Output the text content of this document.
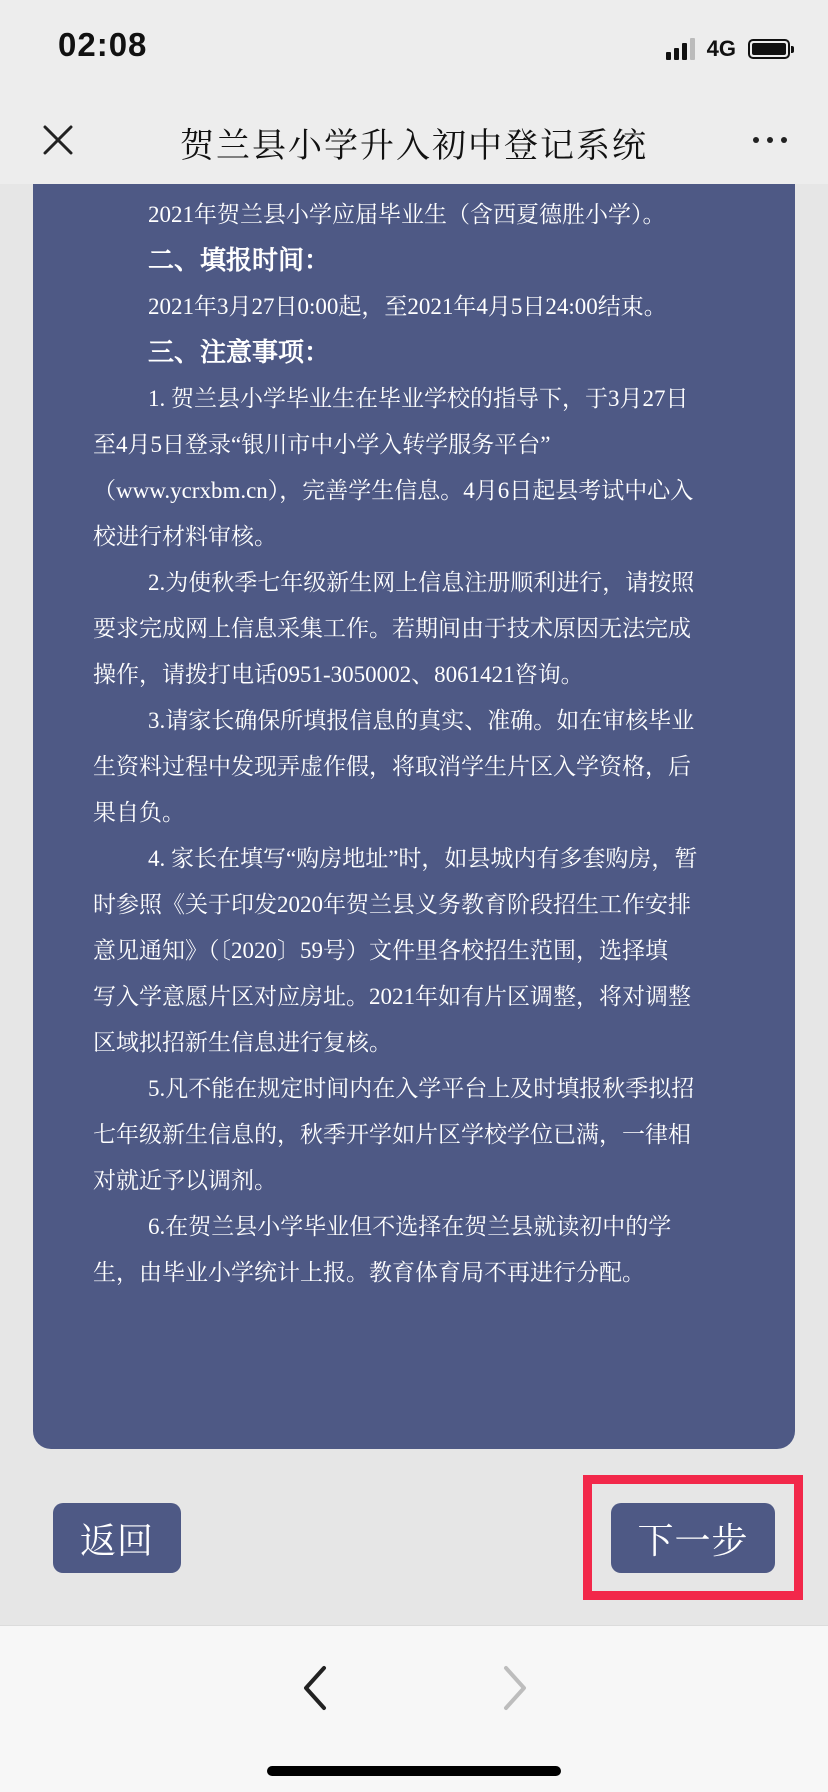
02:08	4G
贺兰县小学升入初中登记系统
2021年贺兰县小学应届毕业生（含西夏德胜小学）。
二、填报时间：
2021年3月27日0:00起，至2021年4月5日24:00结束。
三、注意事项：
1. 贺兰县小学毕业生在毕业学校的指导下，于3月27日
至4月5日登录“银川市中小学入转学服务平台”
（www.ycrxbm.cn），完善学生信息。4月6日起县考试中心入
校进行材料审核。
2.为使秋季七年级新生网上信息注册顺利进行，请按照
要求完成网上信息采集工作。若期间由于技术原因无法完成
操作，请拨打电话0951-3050002、8061421咨询。
3.请家长确保所填报信息的真实、准确。如在审核毕业
生资料过程中发现弄虚作假，将取消学生片区入学资格，后
果自负。
4. 家长在填写“购房地址”时，如县城内有多套购房，暂
时参照《关于印发2020年贺兰县义务教育阶段招生工作安排
意见通知》（〔2020〕59号）文件里各校招生范围，选择填
写入学意愿片区对应房址。2021年如有片区调整，将对调整
区域拟招新生信息进行复核。
5.凡不能在规定时间内在入学平台上及时填报秋季拟招
七年级新生信息的，秋季开学如片区学校学位已满，一律相
对就近予以调剂。
6.在贺兰县小学毕业但不选择在贺兰县就读初中的学
生，由毕业小学统计上报。教育体育局不再进行分配。
返回	下一步
